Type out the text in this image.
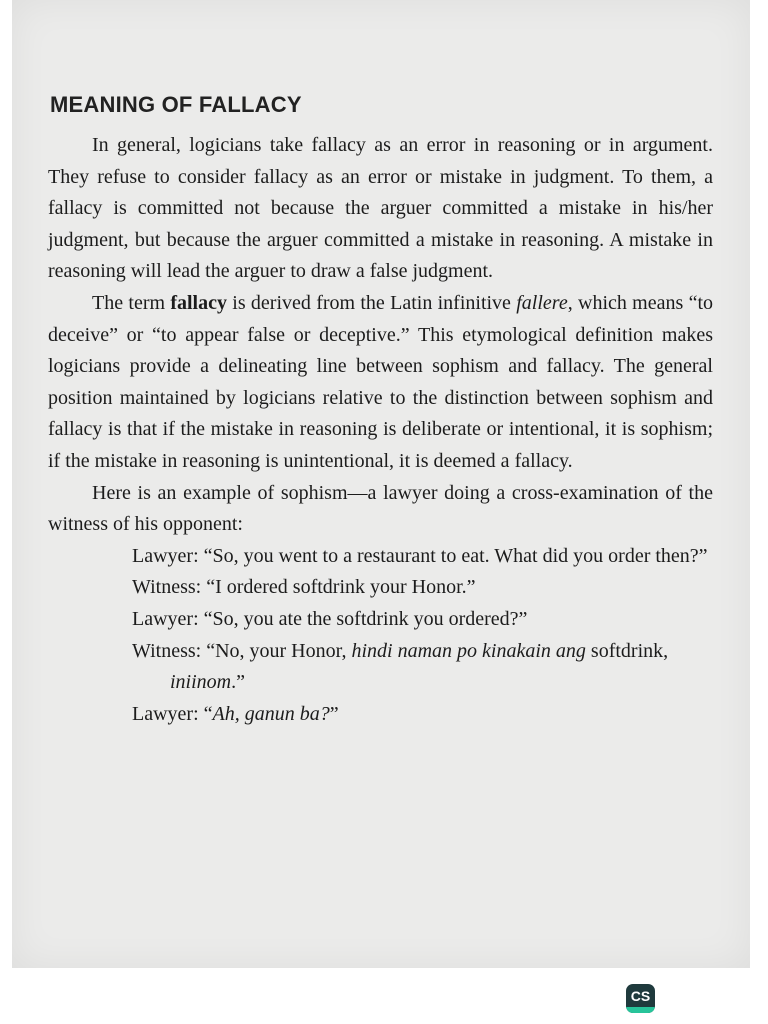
MEANING OF FALLACY

In general, logicians take fallacy as an error in reasoning or in argument. They refuse to consider fallacy as an error or mistake in judgment. To them, a fallacy is committed not because the arguer committed a mistake in his/her judgment, but because the arguer committed a mistake in reasoning. A mistake in reasoning will lead the arguer to draw a false judgment.

The term fallacy is derived from the Latin infinitive fallere, which means “to deceive” or “to appear false or deceptive.” This etymological definition makes logicians provide a delineating line between sophism and fallacy. The general position maintained by logicians relative to the distinction between sophism and fallacy is that if the mistake in reasoning is deliberate or intentional, it is sophism; if the mistake in reasoning is unintentional, it is deemed a fallacy.

Here is an example of sophism—a lawyer doing a cross-examination of the witness of his opponent:

Lawyer: “So, you went to a restaurant to eat. What did you order then?”
Witness: “I ordered softdrink your Honor.”
Lawyer: “So, you ate the softdrink you ordered?”
Witness: “No, your Honor, hindi naman po kinakain ang softdrink, iniinom.”
Lawyer: “Ah, ganun ba?”
CS
